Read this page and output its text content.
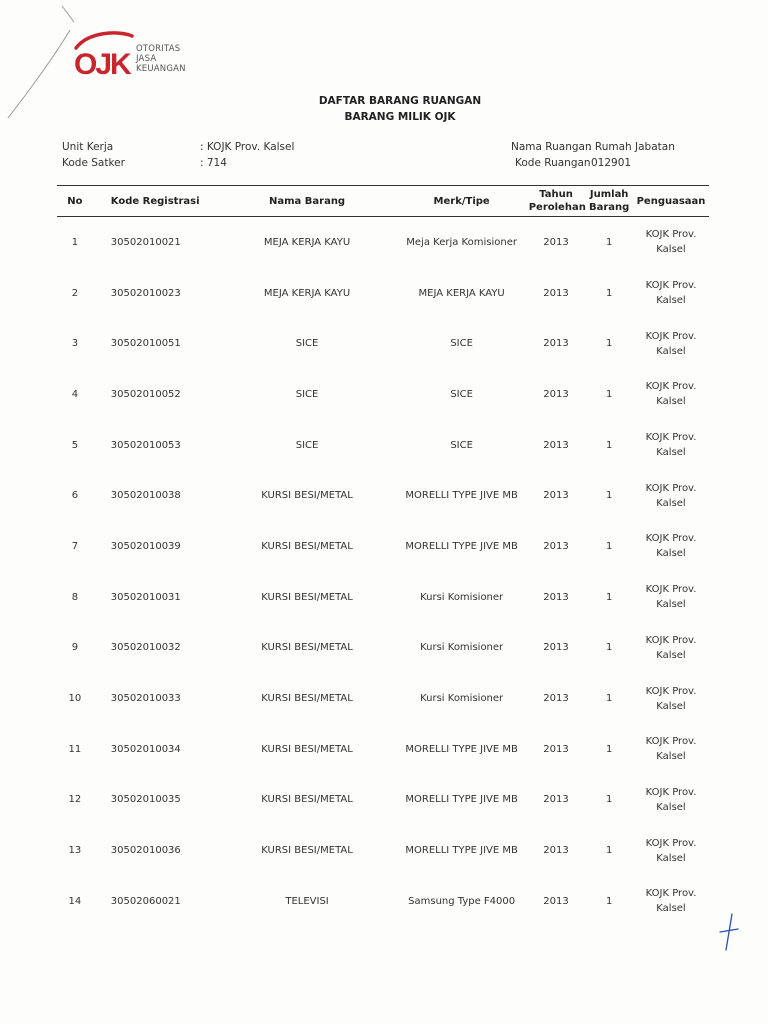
OJK OTORITAS
JASA
KEUANGAN
DAFTAR BARANG RUANGAN
BARANG MILIK OJK
Unit Kerja	: KOJK Prov. Kalsel
Kode Satker	: 714
Nama Ruangan
: Rumah Jabatan
Kode Ruangan 012901
No	Kode Registrasi	Nama Barang	Merk/Tipe	Tahun Perolehan	Jumlah Barang	Penguasaan
1	30502010021	MEJA KERJA KAYU	Meja Kerja Komisioner	2013	1	KOJK Prov. Kalsel
2	30502010023	MEJA KERJA KAYU	MEJA KERJA KAYU	2013	1	KOJK Prov. Kalsel
3	30502010051	SICE	SICE	2013	1	KOJK Prov. Kalsel
4	30502010052	SICE	SICE	2013	1	KOJK Prov. Kalsel
5	30502010053	SICE	SICE	2013	1	KOJK Prov. Kalsel
6	30502010038	KURSI BESI/METAL	MORELLI TYPE JIVE MB	2013	1	KOJK Prov. Kalsel
7	30502010039	KURSI BESI/METAL	MORELLI TYPE JIVE MB	2013	1	KOJK Prov. Kalsel
8	30502010031	KURSI BESI/METAL	Kursi Komisioner	2013	1	KOJK Prov. Kalsel
9	30502010032	KURSI BESI/METAL	Kursi Komisioner	2013	1	KOJK Prov. Kalsel
10	30502010033	KURSI BESI/METAL	Kursi Komisioner	2013	1	KOJK Prov. Kalsel
11	30502010034	KURSI BESI/METAL	MORELLI TYPE JIVE MB	2013	1	KOJK Prov. Kalsel
12	30502010035	KURSI BESI/METAL	MORELLI TYPE JIVE MB	2013	1	KOJK Prov. Kalsel
13	30502010036	KURSI BESI/METAL	MORELLI TYPE JIVE MB	2013	1	KOJK Prov. Kalsel
14	30502060021	TELEVISI	Samsung Type F4000	2013	1	KOJK Prov. Kalsel
